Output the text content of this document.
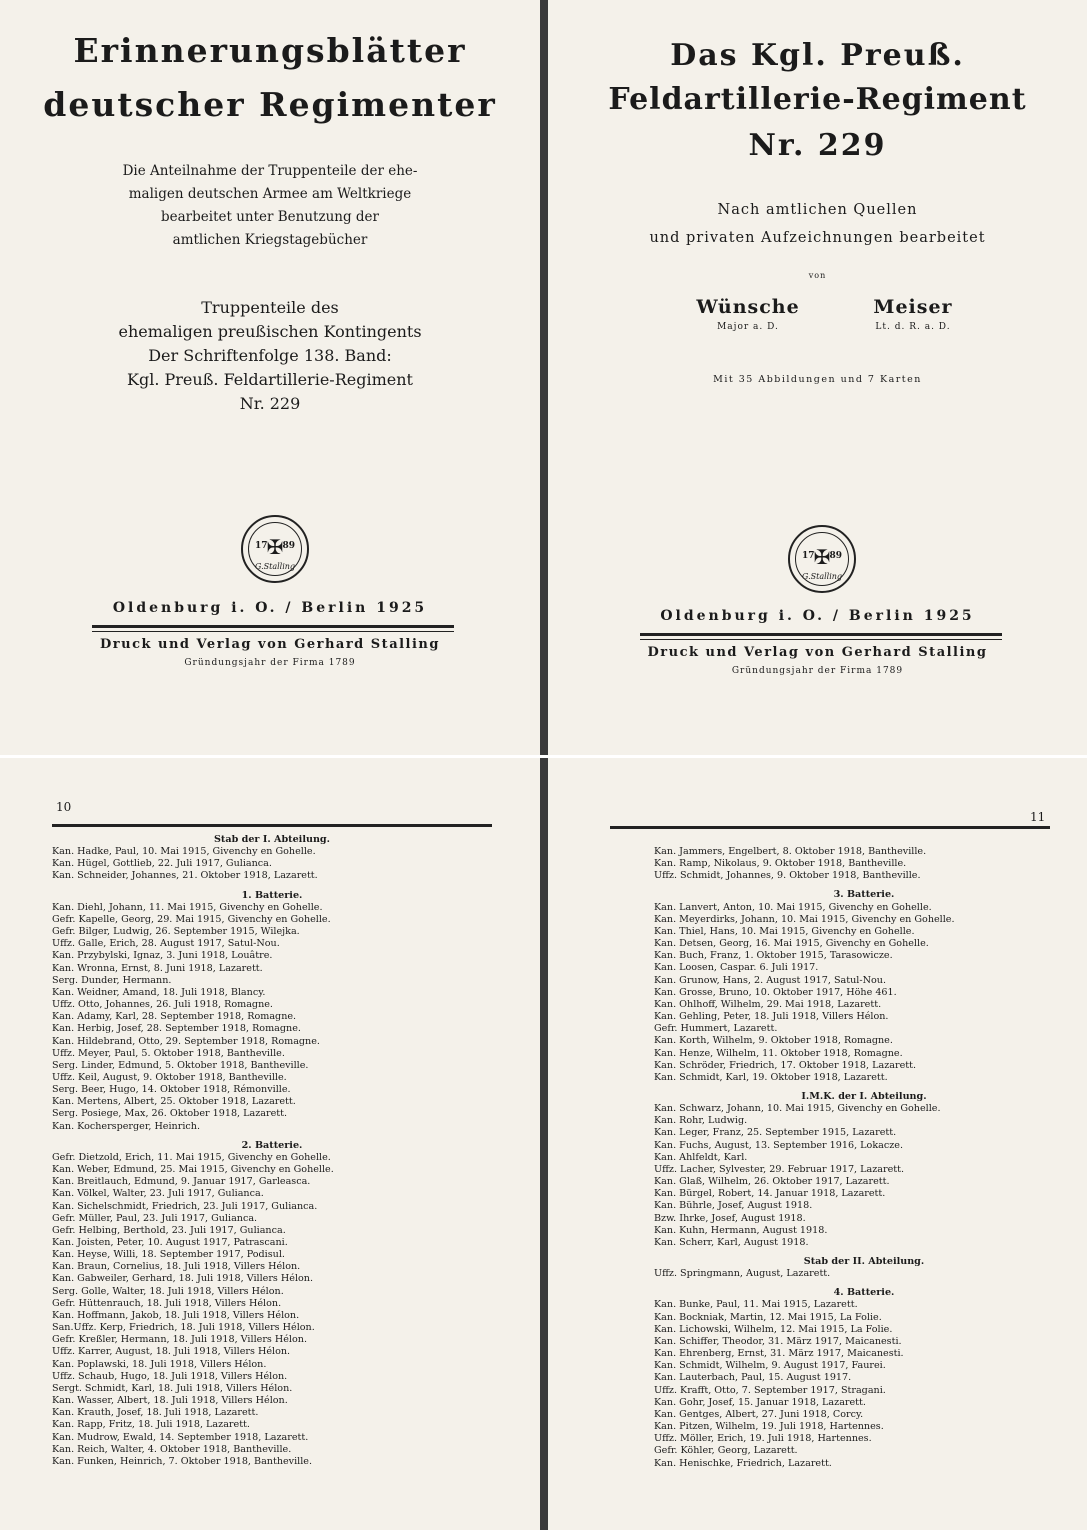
Erinnerungsblätter
deutscher Regimenter
Die Anteilnahme der Truppenteile der ehe-
maligen deutschen Armee am Weltkriege
bearbeitet unter Benutzung der
amtlichen Kriegstagebücher
Truppenteile des
ehemaligen preußischen Kontingents
Der Schriftenfolge 138. Band:
Kgl. Preuß. Feldartillerie-Regiment
Nr. 229
17 89
✠
G.Stalling
Oldenburg i. O. / Berlin 1925
Druck und Verlag von Gerhard Stalling
Gründungsjahr der Firma 1789
Das Kgl. Preuß.
Feldartillerie-Regiment
Nr. 229
Nach amtlichen Quellen
und privaten Aufzeichnungen bearbeitet
von
Wünsche
Major a. D.
Meiser
Lt. d. R. a. D.
Mit 35 Abbildungen und 7 Karten
17 89
✠
G.Stalling
Oldenburg i. O. / Berlin 1925
Druck und Verlag von Gerhard Stalling
Gründungsjahr der Firma 1789
10
Stab der I. Abteilung.
Kan. Hadke, Paul, 10. Mai 1915, Givenchy en Gohelle.
Kan. Hügel, Gottlieb, 22. Juli 1917, Gulianca.
Kan. Schneider, Johannes, 21. Oktober 1918, Lazarett.
1. Batterie.
Kan. Diehl, Johann, 11. Mai 1915, Givenchy en Gohelle.
Gefr. Kapelle, Georg, 29. Mai 1915, Givenchy en Gohelle.
Gefr. Bilger, Ludwig, 26. September 1915, Wilejka.
Uffz. Galle, Erich, 28. August 1917, Satul-Nou.
Kan. Przybylski, Ignaz, 3. Juni 1918, Louâtre.
Kan. Wronna, Ernst, 8. Juni 1918, Lazarett.
Serg. Dunder, Hermann.
Kan. Weidner, Amand, 18. Juli 1918, Blancy.
Uffz. Otto, Johannes, 26. Juli 1918, Romagne.
Kan. Adamy, Karl, 28. September 1918, Romagne.
Kan. Herbig, Josef, 28. September 1918, Romagne.
Kan. Hildebrand, Otto, 29. September 1918, Romagne.
Uffz. Meyer, Paul, 5. Oktober 1918, Bantheville.
Serg. Linder, Edmund, 5. Oktober 1918, Bantheville.
Uffz. Keil, August, 9. Oktober 1918, Bantheville.
Serg. Beer, Hugo, 14. Oktober 1918, Rémonville.
Kan. Mertens, Albert, 25. Oktober 1918, Lazarett.
Serg. Posiege, Max, 26. Oktober 1918, Lazarett.
Kan. Kochersperger, Heinrich.
2. Batterie.
Gefr. Dietzold, Erich, 11. Mai 1915, Givenchy en Gohelle.
Kan. Weber, Edmund, 25. Mai 1915, Givenchy en Gohelle.
Kan. Breitlauch, Edmund, 9. Januar 1917, Garleasca.
Kan. Völkel, Walter, 23. Juli 1917, Gulianca.
Kan. Sichelschmidt, Friedrich, 23. Juli 1917, Gulianca.
Gefr. Müller, Paul, 23. Juli 1917, Gulianca.
Gefr. Helbing, Berthold, 23. Juli 1917, Gulianca.
Kan. Joisten, Peter, 10. August 1917, Patrascani.
Kan. Heyse, Willi, 18. September 1917, Podisul.
Kan. Braun, Cornelius, 18. Juli 1918, Villers Hélon.
Kan. Gabweiler, Gerhard, 18. Juli 1918, Villers Hélon.
Serg. Golle, Walter, 18. Juli 1918, Villers Hélon.
Gefr. Hüttenrauch, 18. Juli 1918, Villers Hélon.
Kan. Hoffmann, Jakob, 18. Juli 1918, Villers Hélon.
San.Uffz. Kerp, Friedrich, 18. Juli 1918, Villers Hélon.
Gefr. Kreßler, Hermann, 18. Juli 1918, Villers Hélon.
Uffz. Karrer, August, 18. Juli 1918, Villers Hélon.
Kan. Poplawski, 18. Juli 1918, Villers Hélon.
Uffz. Schaub, Hugo, 18. Juli 1918, Villers Hélon.
Sergt. Schmidt, Karl, 18. Juli 1918, Villers Hélon.
Kan. Wasser, Albert, 18. Juli 1918, Villers Hélon.
Kan. Krauth, Josef, 18. Juli 1918, Lazarett.
Kan. Rapp, Fritz, 18. Juli 1918, Lazarett.
Kan. Mudrow, Ewald, 14. September 1918, Lazarett.
Kan. Reich, Walter, 4. Oktober 1918, Bantheville.
Kan. Funken, Heinrich, 7. Oktober 1918, Bantheville.
11
Kan. Jammers, Engelbert, 8. Oktober 1918, Bantheville.
Kan. Ramp, Nikolaus, 9. Oktober 1918, Bantheville.
Uffz. Schmidt, Johannes, 9. Oktober 1918, Bantheville.
3. Batterie.
Kan. Lanvert, Anton, 10. Mai 1915, Givenchy en Gohelle.
Kan. Meyerdirks, Johann, 10. Mai 1915, Givenchy en Gohelle.
Kan. Thiel, Hans, 10. Mai 1915, Givenchy en Gohelle.
Kan. Detsen, Georg, 16. Mai 1915, Givenchy en Gohelle.
Kan. Buch, Franz, 1. Oktober 1915, Tarasowicze.
Kan. Loosen, Caspar. 6. Juli 1917.
Kan. Grunow, Hans, 2. August 1917, Satul-Nou.
Kan. Grosse, Bruno, 10. Oktober 1917, Höhe 461.
Kan. Ohlhoff, Wilhelm, 29. Mai 1918, Lazarett.
Kan. Gehling, Peter, 18. Juli 1918, Villers Hélon.
Gefr. Hummert, Lazarett.
Kan. Korth, Wilhelm, 9. Oktober 1918, Romagne.
Kan. Henze, Wilhelm, 11. Oktober 1918, Romagne.
Kan. Schröder, Friedrich, 17. Oktober 1918, Lazarett.
Kan. Schmidt, Karl, 19. Oktober 1918, Lazarett.
I.M.K. der I. Abteilung.
Kan. Schwarz, Johann, 10. Mai 1915, Givenchy en Gohelle.
Kan. Rohr, Ludwig.
Kan. Leger, Franz, 25. September 1915, Lazarett.
Kan. Fuchs, August, 13. September 1916, Lokacze.
Kan. Ahlfeldt, Karl.
Uffz. Lacher, Sylvester, 29. Februar 1917, Lazarett.
Kan. Glaß, Wilhelm, 26. Oktober 1917, Lazarett.
Kan. Bürgel, Robert, 14. Januar 1918, Lazarett.
Kan. Bührle, Josef, August 1918.
Bzw. Ihrke, Josef, August 1918.
Kan. Kuhn, Hermann, August 1918.
Kan. Scherr, Karl, August 1918.
Stab der II. Abteilung.
Uffz. Springmann, August, Lazarett.
4. Batterie.
Kan. Bunke, Paul, 11. Mai 1915, Lazarett.
Kan. Bockniak, Martin, 12. Mai 1915, La Folie.
Kan. Lichowski, Wilhelm, 12. Mai 1915, La Folie.
Kan. Schiffer, Theodor, 31. März 1917, Maicanesti.
Kan. Ehrenberg, Ernst, 31. März 1917, Maicanesti.
Kan. Schmidt, Wilhelm, 9. August 1917, Faurei.
Kan. Lauterbach, Paul, 15. August 1917.
Uffz. Krafft, Otto, 7. September 1917, Stragani.
Kan. Gohr, Josef, 15. Januar 1918, Lazarett.
Kan. Gentges, Albert, 27. Juni 1918, Corcy.
Kan. Pitzen, Wilhelm, 19. Juli 1918, Hartennes.
Uffz. Möller, Erich, 19. Juli 1918, Hartennes.
Gefr. Köhler, Georg, Lazarett.
Kan. Henischke, Friedrich, Lazarett.
